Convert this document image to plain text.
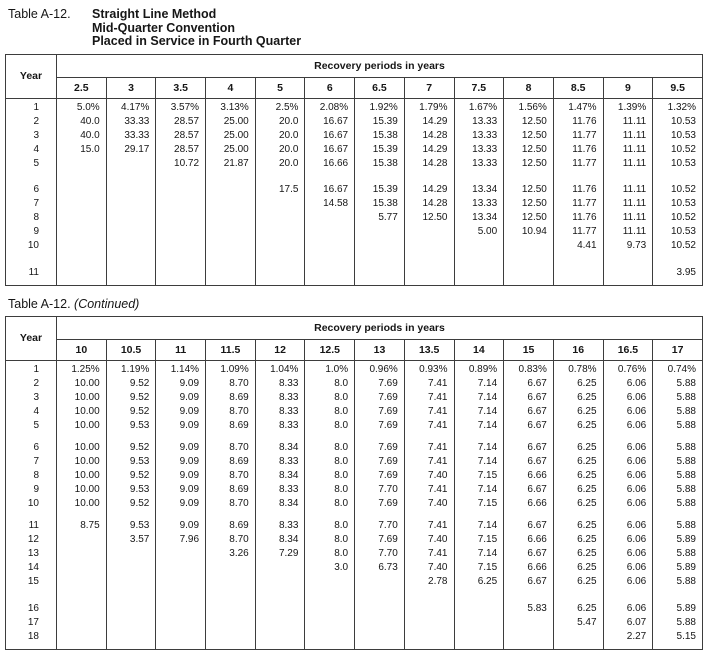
Table A-12.	Straight Line Method
Mid-Quarter Convention
Placed in Service in Fourth Quarter
Year	Recovery periods in years												
	2.5	3	3.5	4	5	6	6.5	7	7.5	8	8.5	9	9.5

1	5.0%	4.17%	3.57%	3.13%	2.5%	2.08%	1.92%	1.79%	1.67%	1.56%	1.47%	1.39%	1.32%
2	40.0	33.33	28.57	25.00	20.0	16.67	15.39	14.29	13.33	12.50	11.76	11.11	10.53
3	40.0	33.33	28.57	25.00	20.0	16.67	15.38	14.28	13.33	12.50	11.77	11.11	10.53
4	15.0	29.17	28.57	25.00	20.0	16.67	15.39	14.29	13.33	12.50	11.76	11.11	10.52
5			10.72	21.87	20.0	16.66	15.38	14.28	13.33	12.50	11.77	11.11	10.53

6					17.5	16.67	15.39	14.29	13.34	12.50	11.76	11.11	10.52
7						14.58	15.38	14.28	13.33	12.50	11.77	11.11	10.53
8							5.77	12.50	13.34	12.50	11.76	11.11	10.52
9									5.00	10.94	11.77	11.11	10.53
10											4.41	9.73	10.52

11													3.95

Table A-12. (Continued)
Year	Recovery periods in years												
	10	10.5	11	11.5	12	12.5	13	13.5	14	15	16	16.5	17

1	1.25%	1.19%	1.14%	1.09%	1.04%	1.0%	0.96%	0.93%	0.89%	0.83%	0.78%	0.76%	0.74%
2	10.00	9.52	9.09	8.70	8.33	8.0	7.69	7.41	7.14	6.67	6.25	6.06	5.88
3	10.00	9.52	9.09	8.69	8.33	8.0	7.69	7.41	7.14	6.67	6.25	6.06	5.88
4	10.00	9.52	9.09	8.70	8.33	8.0	7.69	7.41	7.14	6.67	6.25	6.06	5.88
5	10.00	9.53	9.09	8.69	8.33	8.0	7.69	7.41	7.14	6.67	6.25	6.06	5.88

6	10.00	9.52	9.09	8.70	8.34	8.0	7.69	7.41	7.14	6.67	6.25	6.06	5.88
7	10.00	9.53	9.09	8.69	8.33	8.0	7.69	7.41	7.14	6.67	6.25	6.06	5.88
8	10.00	9.52	9.09	8.70	8.34	8.0	7.69	7.40	7.15	6.66	6.25	6.06	5.88
9	10.00	9.53	9.09	8.69	8.33	8.0	7.70	7.41	7.14	6.67	6.25	6.06	5.88
10	10.00	9.52	9.09	8.70	8.34	8.0	7.69	7.40	7.15	6.66	6.25	6.06	5.88

11	8.75	9.53	9.09	8.69	8.33	8.0	7.70	7.41	7.14	6.67	6.25	6.06	5.88
12		3.57	7.96	8.70	8.34	8.0	7.69	7.40	7.15	6.66	6.25	6.06	5.89
13				3.26	7.29	8.0	7.70	7.41	7.14	6.67	6.25	6.06	5.88
14						3.0	6.73	7.40	7.15	6.66	6.25	6.06	5.89
15								2.78	6.25	6.67	6.25	6.06	5.88

16										5.83	6.25	6.06	5.89
17											5.47	6.07	5.88
18												2.27	5.15
